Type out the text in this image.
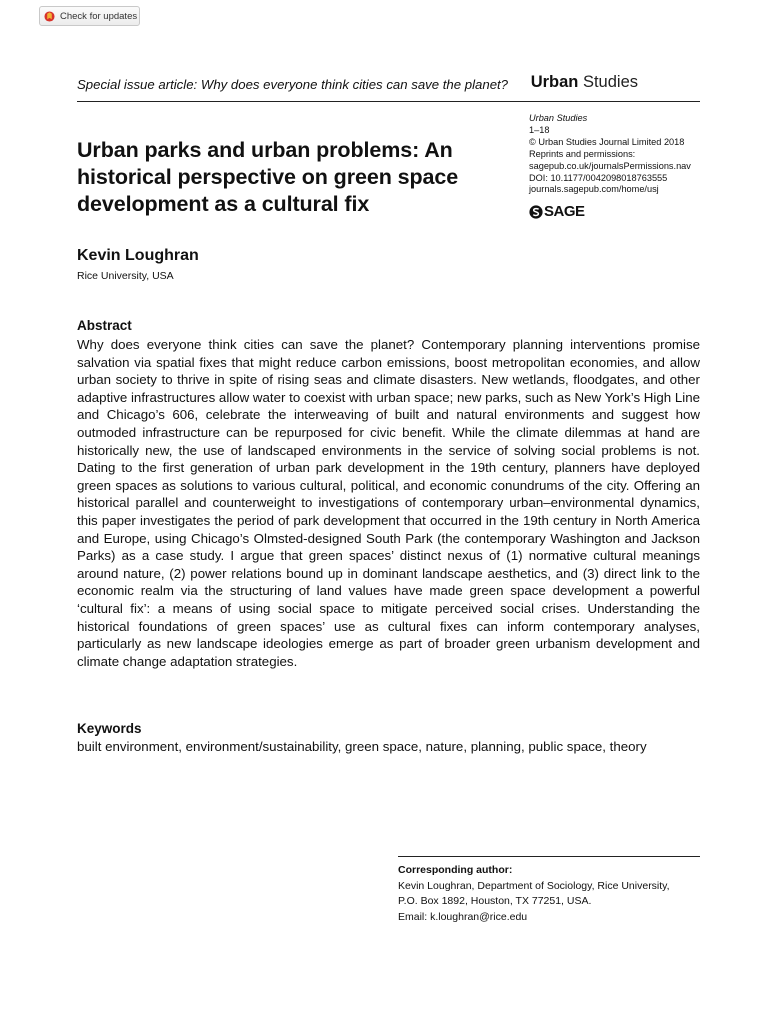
Check for updates
Special issue article: Why does everyone think cities can save the planet? Urban Studies
Urban Studies
1–18
© Urban Studies Journal Limited 2018
Reprints and permissions:
sagepub.co.uk/journalsPermissions.nav
DOI: 10.1177/0042098018763555
journals.sagepub.com/home/usj
SAGE
Urban parks and urban problems: An historical perspective on green space development as a cultural fix

Kevin Loughran

Rice University, USA

Abstract

Why does everyone think cities can save the planet? Contemporary planning interventions promise salvation via spatial fixes that might reduce carbon emissions, boost metropolitan economies, and allow urban society to thrive in spite of rising seas and climate disasters. New wetlands, floodgates, and other adaptive infrastructures allow water to coexist with urban space; new parks, such as New York’s High Line and Chicago’s 606, celebrate the interweaving of built and natural environments and suggest how outmoded infrastructure can be repurposed for civic benefit. While the climate dilemmas at hand are historically new, the use of landscaped environments in the service of solving social problems is not. Dating to the first generation of urban park development in the 19th century, planners have deployed green spaces as solutions to various cultural, political, and economic conundrums of the city. Offering an historical parallel and counterweight to investigations of contemporary urban–environmental dynamics, this paper investigates the period of park development that occurred in the 19th century in North America and Europe, using Chicago’s Olmsted-designed South Park (the contemporary Washington and Jackson Parks) as a case study. I argue that green spaces’ distinct nexus of (1) normative cultural meanings around nature, (2) power relations bound up in dominant landscape aesthetics, and (3) direct link to the economic realm via the structuring of land values have made green space development a powerful ‘cultural fix’: a means of using social space to mitigate perceived social crises. Understanding the historical foundations of green spaces’ use as cultural fixes can inform contemporary analyses, particularly as new landscape ideologies emerge as part of broader green urbanism development and climate change adaptation strategies.

Keywords

built environment, environment/sustainability, green space, nature, planning, public space, theory

Corresponding author:
Kevin Loughran, Department of Sociology, Rice University,
P.O. Box 1892, Houston, TX 77251, USA.
Email: k.loughran@rice.edu
